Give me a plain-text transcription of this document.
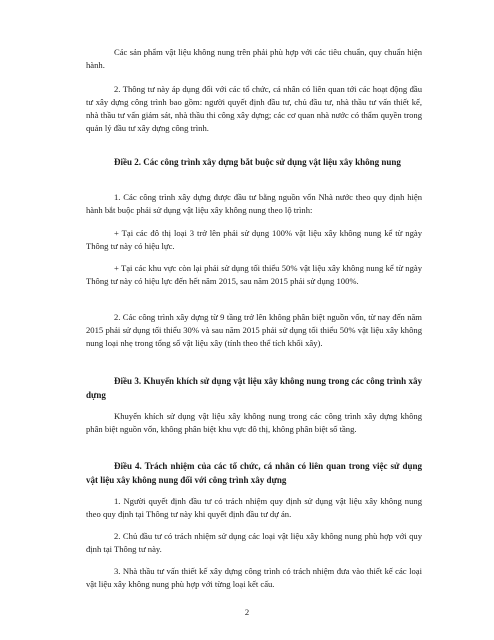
Các sản phẩm vật liệu không nung trên phải phù hợp với các tiêu chuẩn, quy chuẩn hiện hành.

2. Thông tư này áp dụng đối với các tổ chức, cá nhân có liên quan tới các hoạt động đầu tư xây dựng công trình bao gồm: người quyết định đầu tư, chủ đầu tư, nhà thầu tư vấn thiết kế, nhà thầu tư vấn giám sát, nhà thầu thi công xây dựng; các cơ quan nhà nước có thẩm quyền trong quản lý đầu tư xây dựng công trình.

Điều 2. Các công trình xây dựng bắt buộc sử dụng vật liệu xây không nung

1. Các công trình xây dựng được đầu tư bằng nguồn vốn Nhà nước theo quy định hiện hành bắt buộc phải sử dụng vật liệu xây không nung theo lộ trình:

+ Tại các đô thị loại 3 trở lên phải sử dụng 100% vật liệu xây không nung kể từ ngày Thông tư này có hiệu lực.

+ Tại các khu vực còn lại phải sử dụng tối thiểu 50% vật liệu xây không nung kể từ ngày Thông tư này có hiệu lực đến hết năm 2015, sau năm 2015 phải sử dụng 100%.

2. Các công trình xây dựng từ 9 tầng trở lên không phân biệt nguồn vốn, từ nay đến năm 2015 phải sử dụng tối thiểu 30% và sau năm 2015 phải sử dụng tối thiểu 50% vật liệu xây không nung loại nhẹ trong tổng số vật liệu xây (tính theo thể tích khối xây).

Điều 3. Khuyến khích sử dụng vật liệu xây không nung trong các công trình xây dựng

Khuyến khích sử dụng vật liệu xây không nung trong các công trình xây dựng không phân biệt nguồn vốn, không phân biệt khu vực đô thị, không phân biệt số tầng.

Điều 4. Trách nhiệm của các tổ chức, cá nhân có liên quan trong việc sử dụng vật liệu xây không nung đối với công trình xây dựng

1. Người quyết định đầu tư có trách nhiệm quy định sử dụng vật liệu xây không nung theo quy định tại Thông tư này khi quyết định đầu tư dự án.

2. Chủ đầu tư có trách nhiệm sử dụng các loại vật liệu xây không nung phù hợp với quy định tại Thông tư này.

3. Nhà thầu tư vấn thiết kế xây dựng công trình có trách nhiệm đưa vào thiết kế các loại vật liệu xây không nung phù hợp với từng loại kết cấu.

2
